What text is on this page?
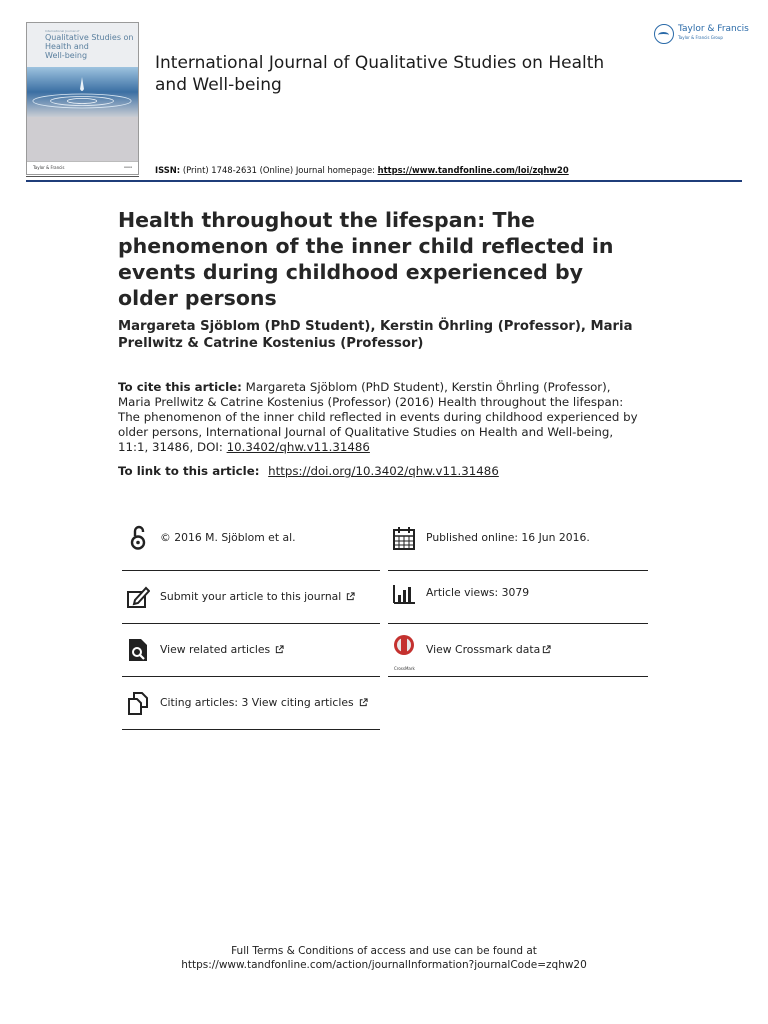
International Journal of
Qualitative Studies on
Health and
Well-being
Taylor & Francis	▪▪▪▪
International Journal of Qualitative Studies on Health and Well-being
ISSN: (Print) 1748-2631 (Online) Journal homepage: https://www.tandfonline.com/loi/zqhw20
Taylor & Francis
Taylor & Francis Group
Health throughout the lifespan: The phenomenon of the inner child reflected in events during childhood experienced by older persons
Margareta Sjöblom (PhD Student), Kerstin Öhrling (Professor), Maria Prellwitz & Catrine Kostenius (Professor)
To cite this article: Margareta Sjöblom (PhD Student), Kerstin Öhrling (Professor), Maria Prellwitz & Catrine Kostenius (Professor) (2016) Health throughout the lifespan: The phenomenon of the inner child reflected in events during childhood experienced by older persons, International Journal of Qualitative Studies on Health and Well-being, 11:1, 31486, DOI: 10.3402/qhw.v11.31486
To link to this article: https://doi.org/10.3402/qhw.v11.31486
© 2016 M. Sjöblom et al.	Published online: 16 Jun 2016.
Submit your article to this journal	Article views: 3079
View related articles	View Crossmark data
CrossMark
Citing articles: 3 View citing articles
Full Terms & Conditions of access and use can be found at
https://www.tandfonline.com/action/journalInformation?journalCode=zqhw20
